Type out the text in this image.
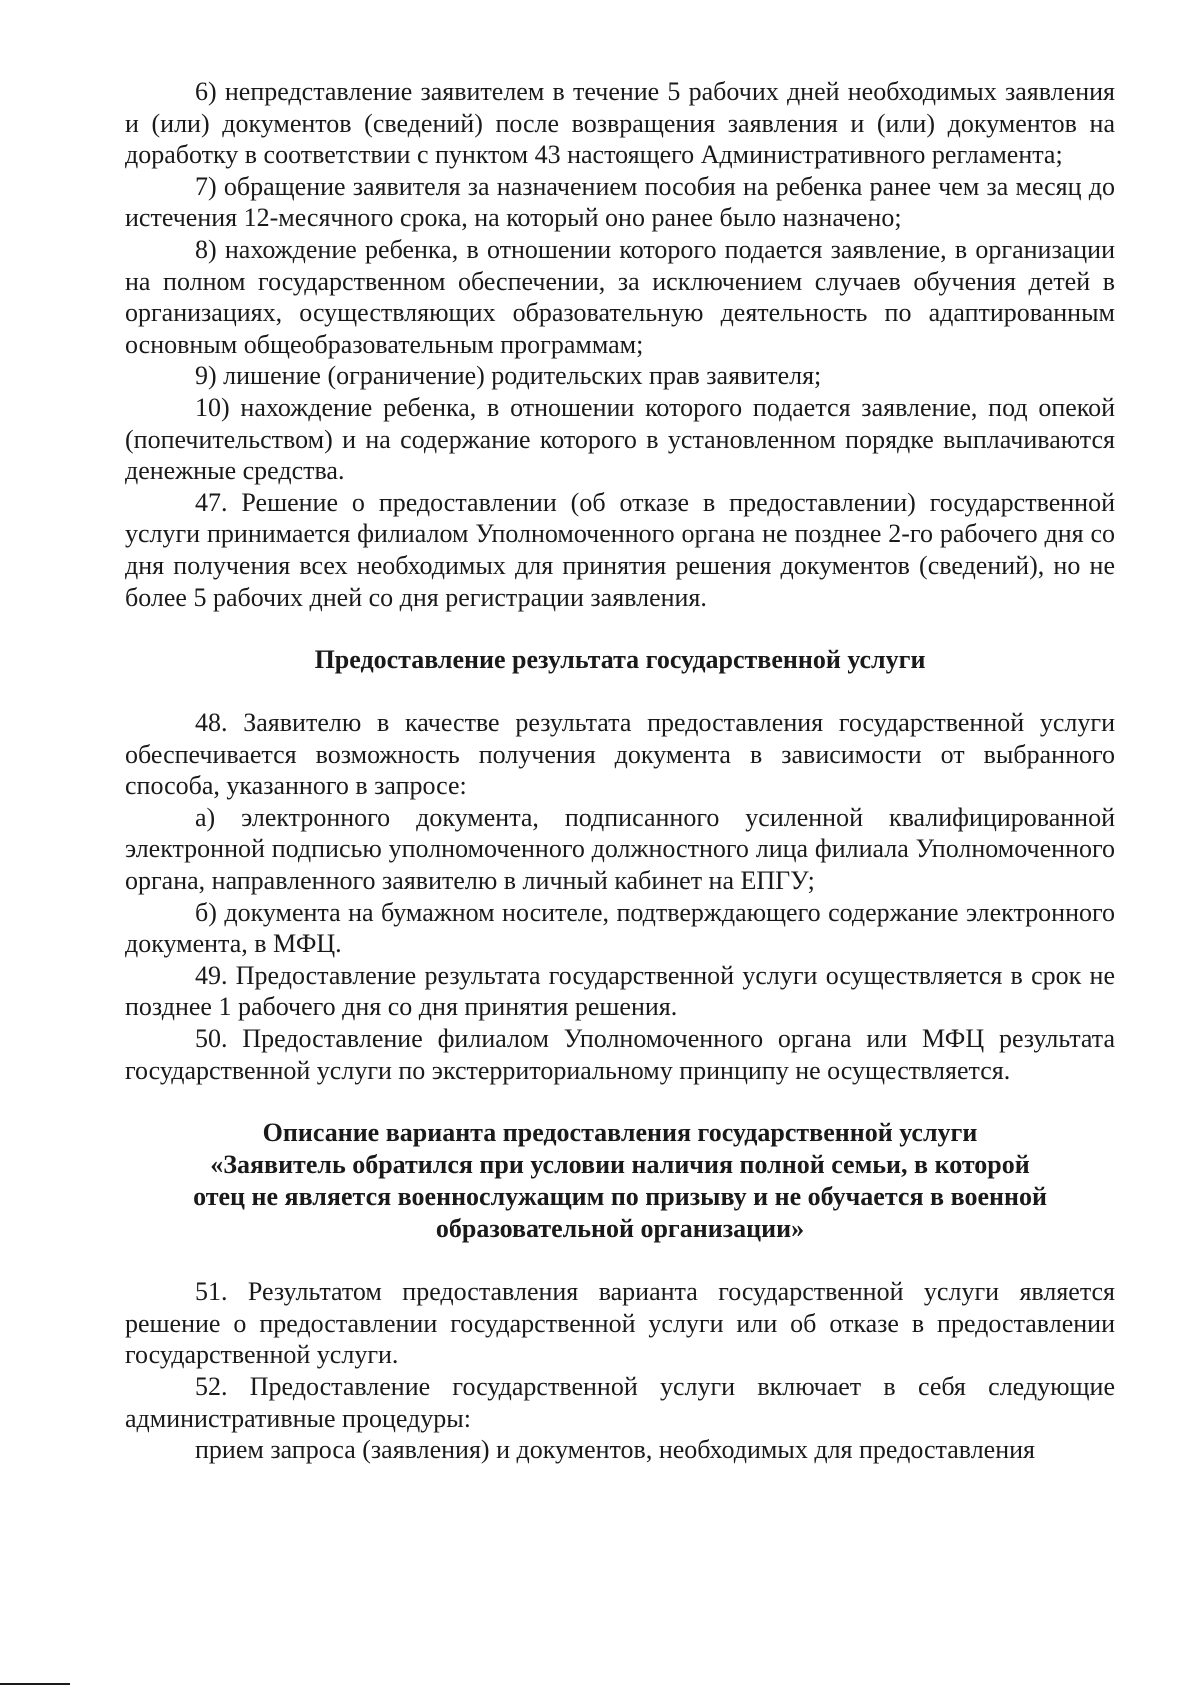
6) непредставление заявителем в течение 5 рабочих дней необходимых заявления и (или) документов (сведений) после возвращения заявления и (или) документов на доработку в соответствии с пунктом 43 настоящего Административного регламента;

7) обращение заявителя за назначением пособия на ребенка ранее чем за месяц до истечения 12-месячного срока, на который оно ранее было назначено;

8) нахождение ребенка, в отношении которого подается заявление, в организации на полном государственном обеспечении, за исключением случаев обучения детей в организациях, осуществляющих образовательную деятельность по адаптированным основным общеобразовательным программам;

9) лишение (ограничение) родительских прав заявителя;

10) нахождение ребенка, в отношении которого подается заявление, под опекой (попечительством) и на содержание которого в установленном порядке выплачиваются денежные средства.

47. Решение о предоставлении (об отказе в предоставлении) государственной услуги принимается филиалом Уполномоченного органа не позднее 2-го рабочего дня со дня получения всех необходимых для принятия решения документов (сведений), но не более 5 рабочих дней со дня регистрации заявления.

Предоставление результата государственной услуги

48. Заявителю в качестве результата предоставления государственной услуги обеспечивается возможность получения документа в зависимости от выбранного способа, указанного в запросе:

а) электронного документа, подписанного усиленной квалифицированной электронной подписью уполномоченного должностного лица филиала Уполномоченного органа, направленного заявителю в личный кабинет на ЕПГУ;

б) документа на бумажном носителе, подтверждающего содержание электронного документа, в МФЦ.

49. Предоставление результата государственной услуги осуществляется в срок не позднее 1 рабочего дня со дня принятия решения.

50. Предоставление филиалом Уполномоченного органа или МФЦ результата государственной услуги по экстерриториальному принципу не осуществляется.

Описание варианта предоставления государственной услуги
«Заявитель обратился при условии наличия полной семьи, в которой
отец не является военнослужащим по призыву и не обучается в военной
образовательной организации»

51. Результатом предоставления варианта государственной услуги является решение о предоставлении государственной услуги или об отказе в предоставлении государственной услуги.

52. Предоставление государственной услуги включает в себя следующие административные процедуры:

прием запроса (заявления) и документов, необходимых для предоставления
